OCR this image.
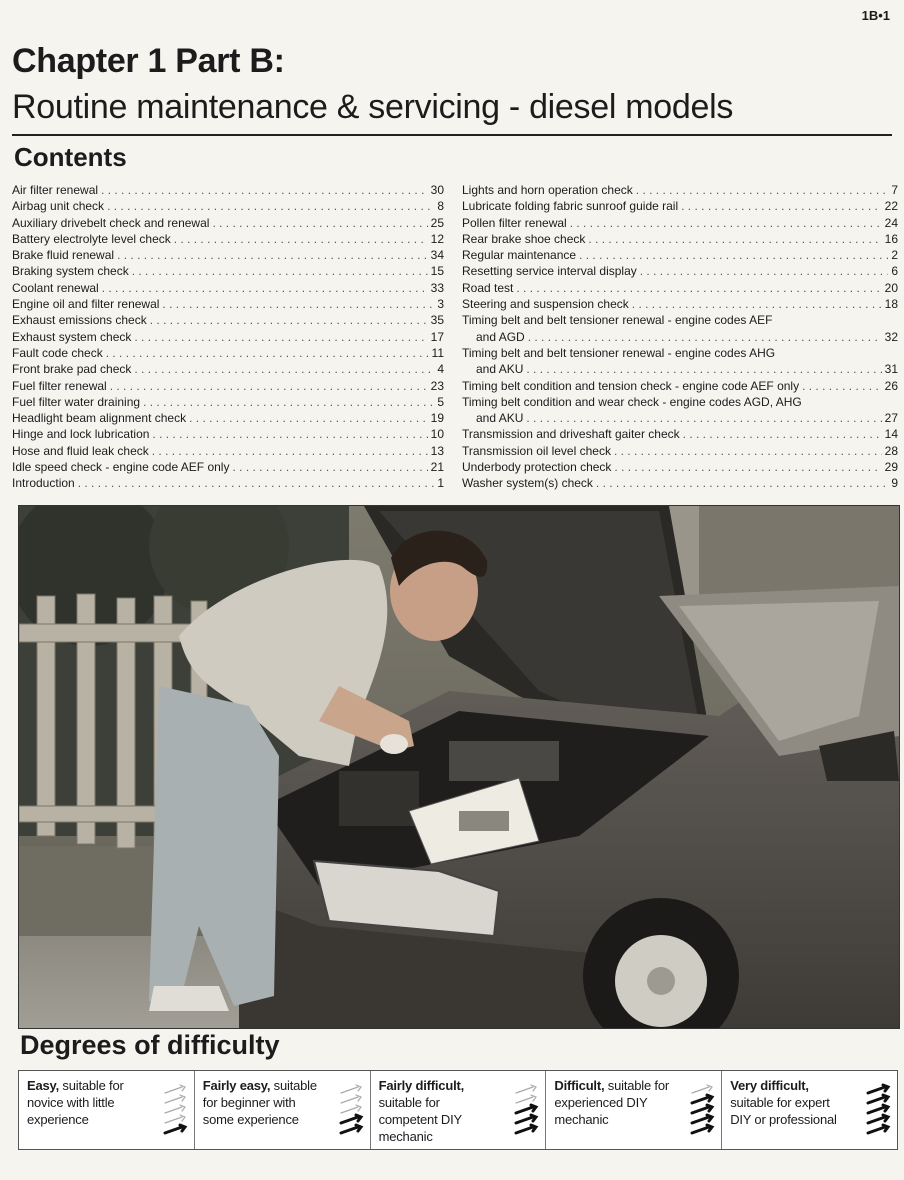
1B•1
Chapter 1 Part B:
Routine maintenance & servicing - diesel models
Contents
Air filter renewal . . .	30
Airbag unit check . . .	8
Auxiliary drivebelt check and renewal . . .	25
Battery electrolyte level check . . .	12
Brake fluid renewal . . .	34
Braking system check . . .	15
Coolant renewal . . .	33
Engine oil and filter renewal . . .	3
Exhaust emissions check . . .	35
Exhaust system check . . .	17
Fault code check . . .	11
Front brake pad check . . .	4
Fuel filter renewal . . .	23
Fuel filter water draining . . .	5
Headlight beam alignment check . . .	19
Hinge and lock lubrication . . .	10
Hose and fluid leak check . . .	13
Idle speed check - engine code AEF only . . .	21
Introduction . . .	1
Lights and horn operation check . . .	7
Lubricate folding fabric sunroof guide rail . . .	22
Pollen filter renewal . . .	24
Rear brake shoe check . . .	16
Regular maintenance . . .	2
Resetting service interval display . . .	6
Road test . . .	20
Steering and suspension check . . .	18
Timing belt and belt tensioner renewal - engine codes AEF
and AGD . . .	32
Timing belt and belt tensioner renewal - engine codes AHG
and AKU . . .	31
Timing belt condition and tension check - engine code AEF only . . .	26
Timing belt condition and wear check - engine codes AGD, AHG
and AKU . . .	27
Transmission and driveshaft gaiter check . . .	14
Transmission oil level check . . .	28
Underbody protection check . . .	29
Washer system(s) check . . .	9
Degrees of difficulty
Easy, suitable for novice with little experience
Fairly easy, suitable for beginner with some experience
Fairly difficult, suitable for competent DIY mechanic
Difficult, suitable for experienced DIY mechanic
Very difficult, suitable for expert DIY or professional
